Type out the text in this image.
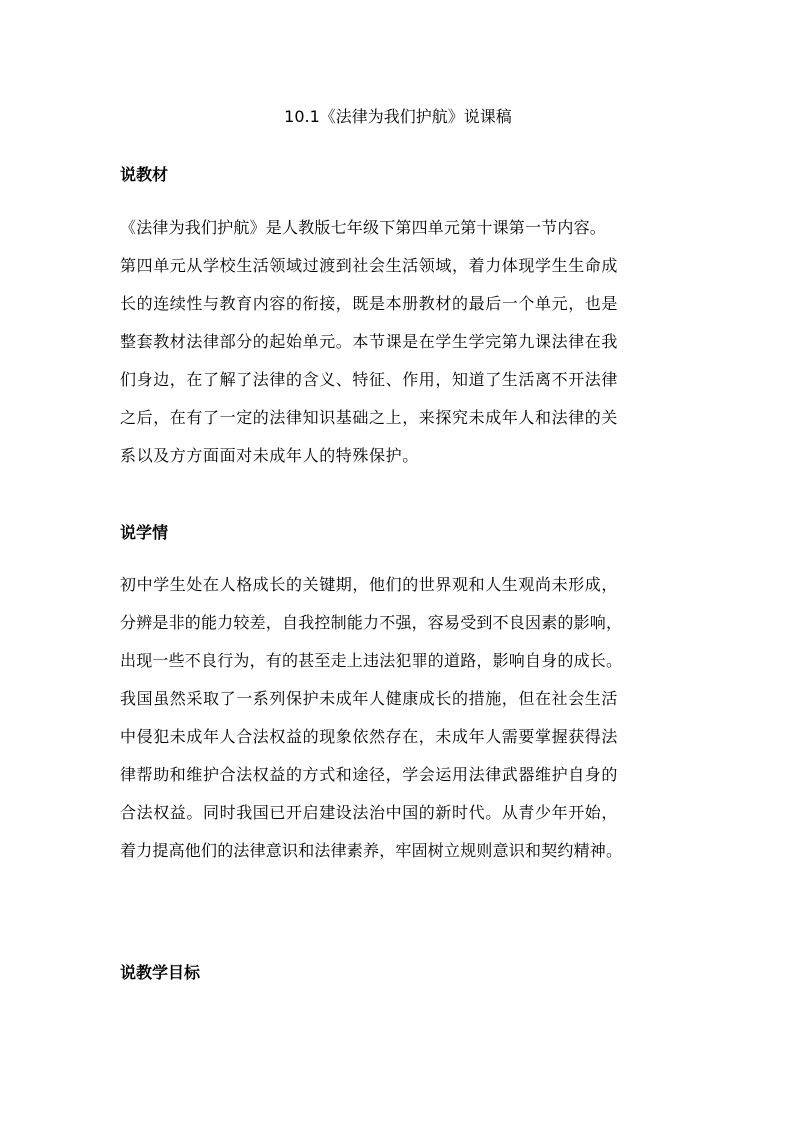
10.1《法律为我们护航》说课稿
说教材
《法律为我们护航》是人教版七年级下第四单元第十课第一节内容。
第四单元从学校生活领域过渡到社会生活领域，着力体现学生生命成
长的连续性与教育内容的衔接，既是本册教材的最后一个单元，也是
整套教材法律部分的起始单元。本节课是在学生学完第九课法律在我
们身边，在了解了法律的含义、特征、作用，知道了生活离不开法律
之后，在有了一定的法律知识基础之上，来探究未成年人和法律的关
系以及方方面面对未成年人的特殊保护。
说学情
初中学生处在人格成长的关键期，他们的世界观和人生观尚未形成，
分辨是非的能力较差，自我控制能力不强，容易受到不良因素的影响，
出现一些不良行为，有的甚至走上违法犯罪的道路，影响自身的成长。
我国虽然采取了一系列保护未成年人健康成长的措施，但在社会生活
中侵犯未成年人合法权益的现象依然存在，未成年人需要掌握获得法
律帮助和维护合法权益的方式和途径，学会运用法律武器维护自身的
合法权益。同时我国已开启建设法治中国的新时代。从青少年开始，
着力提高他们的法律意识和法律素养，牢固树立规则意识和契约精神。
说教学目标
